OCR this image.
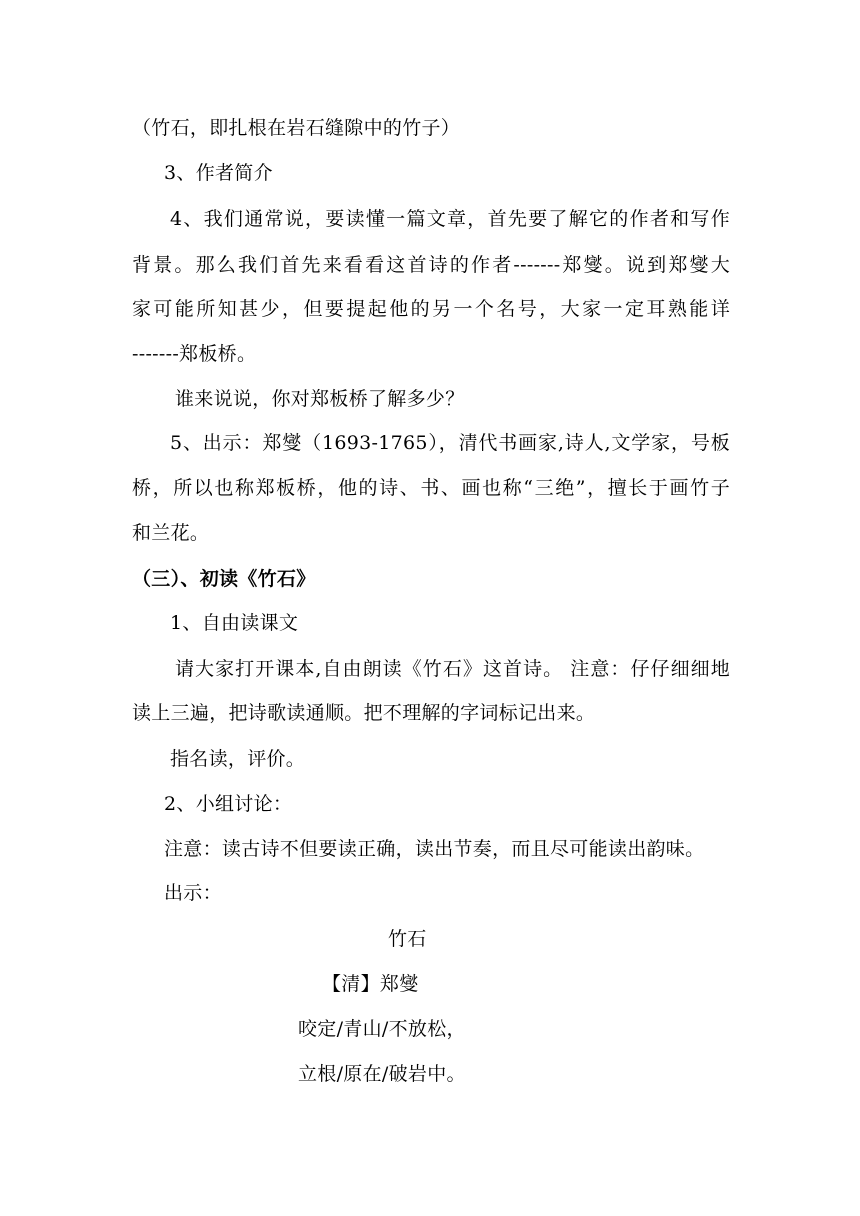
（竹石，即扎根在岩石缝隙中的竹子）

3、作者简介

4、我们通常说，要读懂一篇文章，首先要了解它的作者和写作

背景。那么我们首先来看看这首诗的作者-------郑燮。说到郑燮大

家可能所知甚少，但要提起他的另一个名号，大家一定耳熟能详

-------郑板桥。

谁来说说，你对郑板桥了解多少？

5、出示：郑燮（1693-1765），清代书画家,诗人,文学家，号板

桥，所以也称郑板桥，他的诗、书、画也称“三绝”，擅长于画竹子

和兰花。

（三）、初读《竹石》

1、自由读课文

请大家打开课本,自由朗读《竹石》这首诗。 注意：仔仔细细地

读上三遍，把诗歌读通顺。把不理解的字词标记出来。

指名读，评价。

2、小组讨论：

注意：读古诗不但要读正确，读出节奏，而且尽可能读出韵味。

出示：

竹石

【清】郑燮

咬定/青山/不放松，

立根/原在/破岩中。
